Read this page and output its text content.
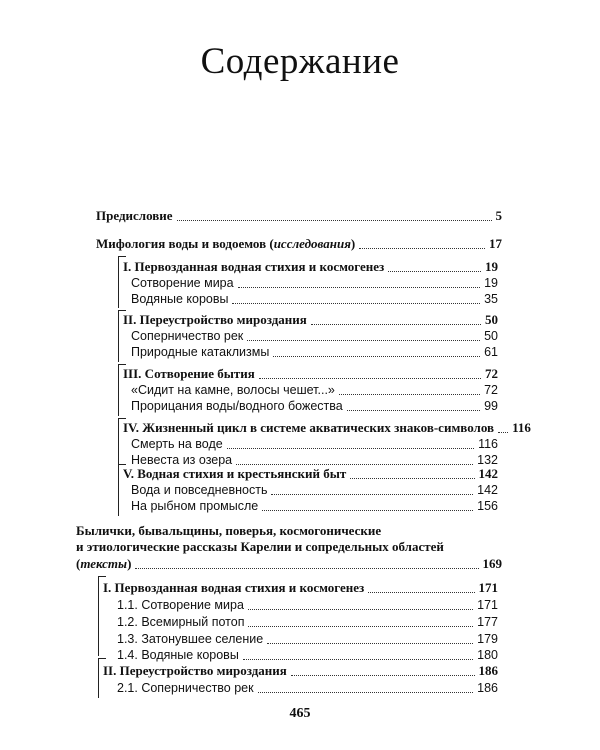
Содержание
Предисловие	5
Мифология воды и водоемов (исследования)	17
I. Первозданная водная стихия и космогенез	19
Сотворение мира	19
Водяные коровы	35
II. Переустройство мироздания	50
Соперничество рек	50
Природные катаклизмы	61
III. Сотворение бытия	72
«Сидит на камне, волосы чешет...»	72
Прорицания воды/водного божества	99
IV. Жизненный цикл в системе акватических знаков-символов 116
Смерть на воде	116
Невеста из озера	132
V. Водная стихия и крестьянский быт	142
Вода и повседневность	142
На рыбном промысле	156
Былички, бывальщины, поверья, космогонические
и этиологические рассказы Карелии и сопредельных областей
(тексты)	169
I. Первозданная водная стихия и космогенез	171
1.1. Сотворение мира	171
1.2. Всемирный потоп	177
1.3. Затонувшее селение	179
1.4. Водяные коровы	180
II. Переустройство мироздания	186
2.1. Соперничество рек	186
465
